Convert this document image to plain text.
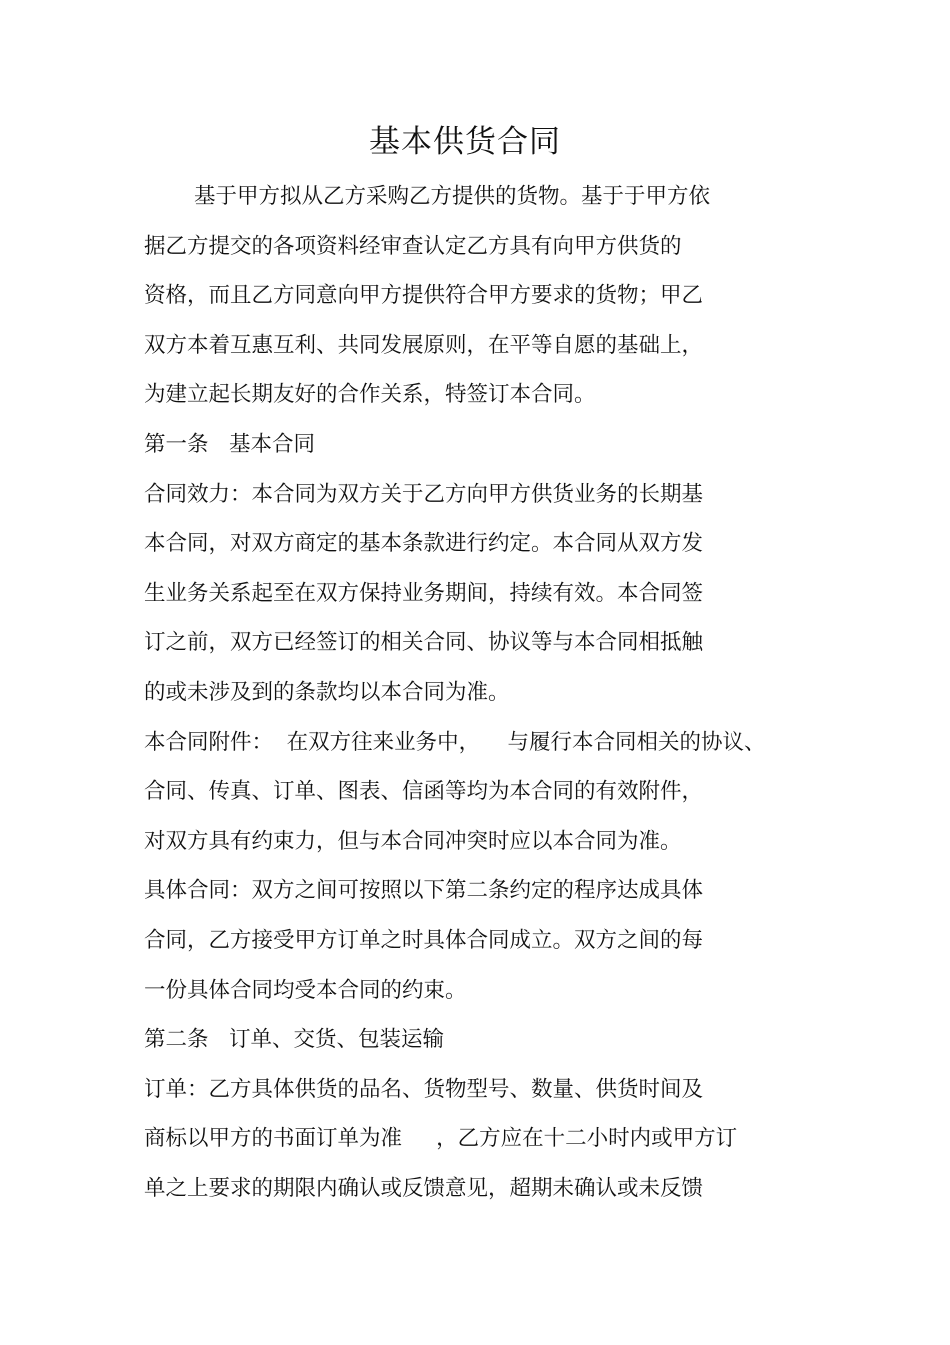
基本供货合同
基于甲方拟从乙方采购乙方提供的货物。基于于甲方依
据乙方提交的各项资料经审查认定乙方具有向甲方供货的
资格，而且乙方同意向甲方提供符合甲方要求的货物；甲乙
双方本着互惠互利、共同发展原则，在平等自愿的基础上，
为建立起长期友好的合作关系，特签订本合同。
第一条   基本合同
合同效力：本合同为双方关于乙方向甲方供货业务的长期基
本合同，对双方商定的基本条款进行约定。本合同从双方发
生业务关系起至在双方保持业务期间，持续有效。本合同签
订之前，双方已经签订的相关合同、协议等与本合同相抵触
的或未涉及到的条款均以本合同为准。
本合同附件：  在双方往来业务中，    与履行本合同相关的协议、
合同、传真、订单、图表、信函等均为本合同的有效附件，
对双方具有约束力，但与本合同冲突时应以本合同为准。
具体合同：双方之间可按照以下第二条约定的程序达成具体
合同，乙方接受甲方订单之时具体合同成立。双方之间的每
一份具体合同均受本合同的约束。
第二条   订单、交货、包装运输
订单：乙方具体供货的品名、货物型号、数量、供货时间及
商标以甲方的书面订单为准     ，乙方应在十二小时内或甲方订
单之上要求的期限内确认或反馈意见，超期未确认或未反馈
